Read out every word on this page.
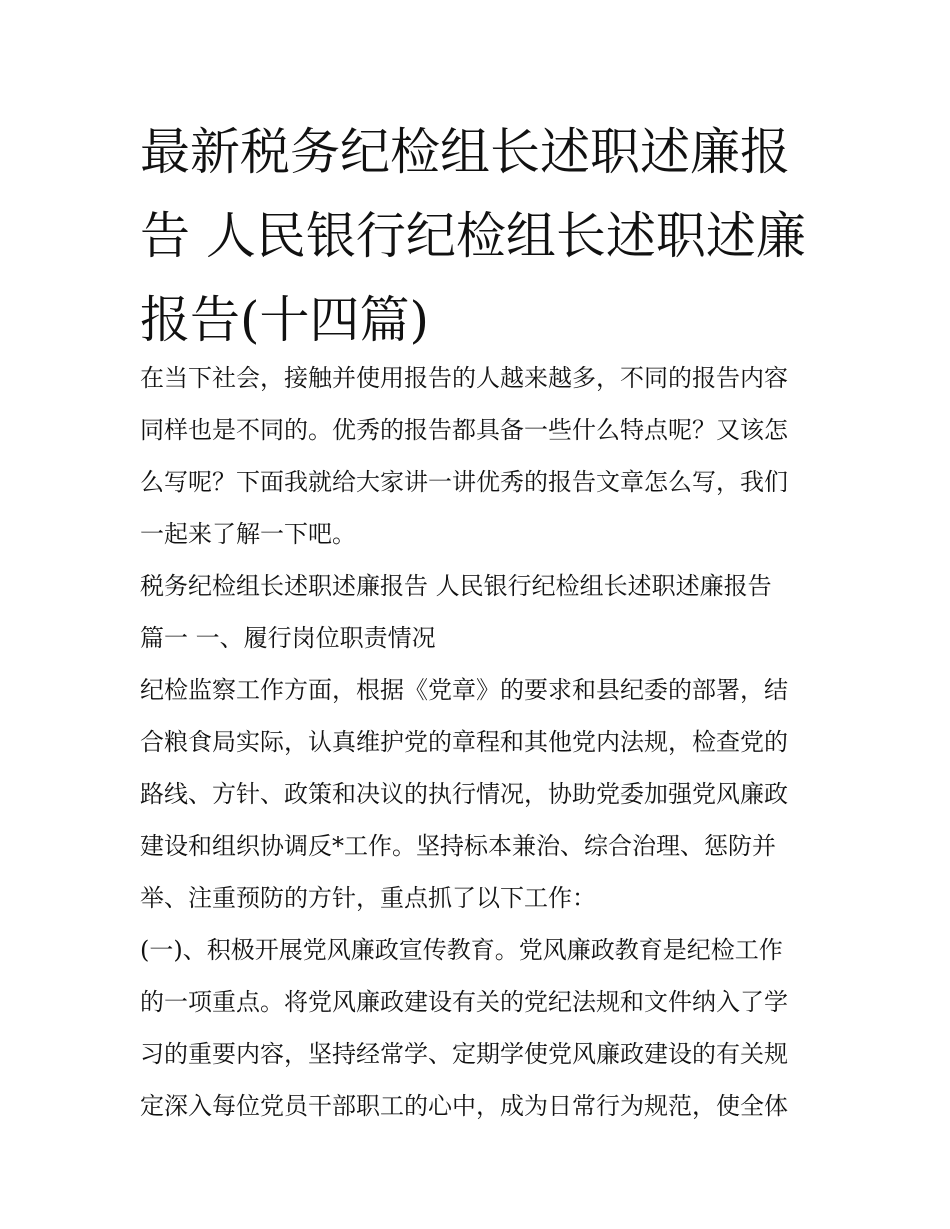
最新税务纪检组长述职述廉报
告 人民银行纪检组长述职述廉
报告(十四篇)
在当下社会，接触并使用报告的人越来越多，不同的报告内容
同样也是不同的。优秀的报告都具备一些什么特点呢？又该怎
么写呢？下面我就给大家讲一讲优秀的报告文章怎么写，我们
一起来了解一下吧。
税务纪检组长述职述廉报告 人民银行纪检组长述职述廉报告
篇一 一、履行岗位职责情况
纪检监察工作方面，根据《党章》的要求和县纪委的部署，结
合粮食局实际，认真维护党的章程和其他党内法规，检查党的
路线、方针、政策和决议的执行情况，协助党委加强党风廉政
建设和组织协调反*工作。坚持标本兼治、综合治理、惩防并
举、注重预防的方针，重点抓了以下工作：
(一)、积极开展党风廉政宣传教育。党风廉政教育是纪检工作
的一项重点。将党风廉政建设有关的党纪法规和文件纳入了学
习的重要内容，坚持经常学、定期学使党风廉政建设的有关规
定深入每位党员干部职工的心中，成为日常行为规范，使全体
